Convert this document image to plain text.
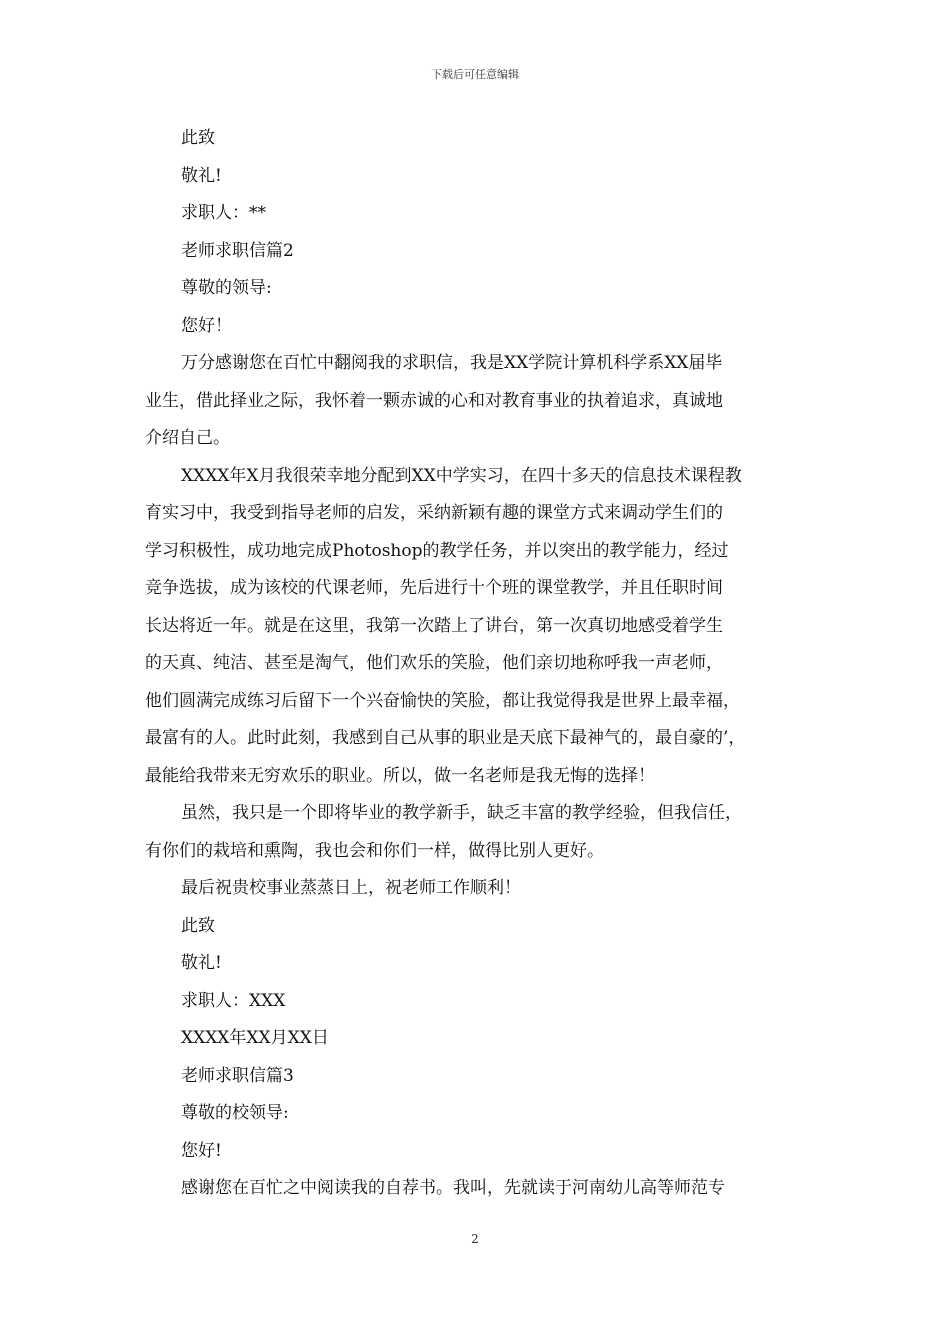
下载后可任意编辑
此致
敬礼!
求职人：**
老师求职信篇2
尊敬的领导:
您好！
万分感谢您在百忙中翻阅我的求职信，我是XX学院计算机科学系XX届毕
业生，借此择业之际，我怀着一颗赤诚的心和对教育事业的执着追求，真诚地
介绍自己。
XXXX年X月我很荣幸地分配到XX中学实习，在四十多天的信息技术课程教
育实习中，我受到指导老师的启发，采纳新颖有趣的课堂方式来调动学生们的
学习积极性，成功地完成Photoshop的教学任务，并以突出的教学能力，经过
竞争选拔，成为该校的代课老师，先后进行十个班的课堂教学，并且任职时间
长达将近一年。就是在这里，我第一次踏上了讲台，第一次真切地感受着学生
的天真、纯洁、甚至是淘气，他们欢乐的笑脸，他们亲切地称呼我一声老师，
他们圆满完成练习后留下一个兴奋愉快的笑脸，都让我觉得我是世界上最幸福，
最富有的人。此时此刻，我感到自己从事的职业是天底下最神气的，最自豪的’，
最能给我带来无穷欢乐的职业。所以，做一名老师是我无悔的选择！
虽然，我只是一个即将毕业的教学新手，缺乏丰富的教学经验，但我信任，
有你们的栽培和熏陶，我也会和你们一样，做得比别人更好。
最后祝贵校事业蒸蒸日上，祝老师工作顺利！
此致
敬礼!
求职人：XXX
XXXX年XX月XX日
老师求职信篇3
尊敬的校领导:
您好!
感谢您在百忙之中阅读我的自荐书。我叫，先就读于河南幼儿高等师范专
2
